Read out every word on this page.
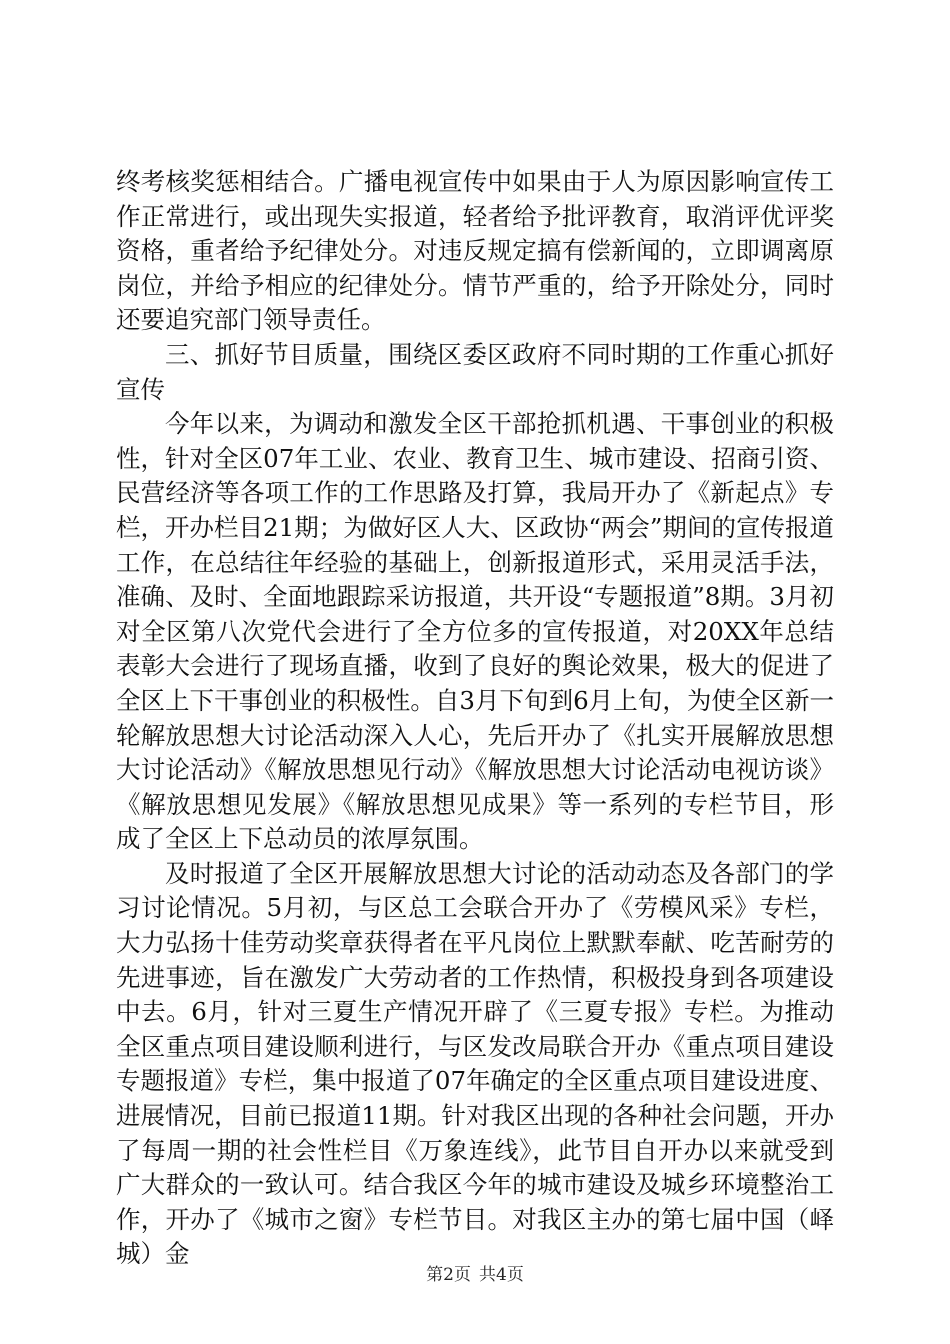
终考核奖惩相结合。广播电视宣传中如果由于人为原因影响宣传工作正常进行，或出现失实报道，轻者给予批评教育，取消评优评奖资格，重者给予纪律处分。对违反规定搞有偿新闻的，立即调离原岗位，并给予相应的纪律处分。情节严重的，给予开除处分，同时还要追究部门领导责任。

三、抓好节目质量，围绕区委区政府不同时期的工作重心抓好宣传

今年以来，为调动和激发全区干部抢抓机遇、干事创业的积极性，针对全区07年工业、农业、教育卫生、城市建设、招商引资、民营经济等各项工作的工作思路及打算，我局开办了《新起点》专栏，开办栏目21期；为做好区人大、区政协“两会”期间的宣传报道工作，在总结往年经验的基础上，创新报道形式，采用灵活手法，准确、及时、全面地跟踪采访报道，共开设“专题报道”8期。3月初对全区第八次党代会进行了全方位多的宣传报道，对20XX年总结表彰大会进行了现场直播，收到了良好的舆论效果，极大的促进了全区上下干事创业的积极性。自3月下旬到6月上旬，为使全区新一轮解放思想大讨论活动深入人心，先后开办了《扎实开展解放思想大讨论活动》《解放思想见行动》《解放思想大讨论活动电视访谈》《解放思想见发展》《解放思想见成果》等一系列的专栏节目，形成了全区上下总动员的浓厚氛围。

及时报道了全区开展解放思想大讨论的活动动态及各部门的学习讨论情况。5月初，与区总工会联合开办了《劳模风采》专栏，大力弘扬十佳劳动奖章获得者在平凡岗位上默默奉献、吃苦耐劳的先进事迹，旨在激发广大劳动者的工作热情，积极投身到各项建设中去。6月，针对三夏生产情况开辟了《三夏专报》专栏。为推动全区重点项目建设顺利进行，与区发改局联合开办《重点项目建设专题报道》专栏，集中报道了07年确定的全区重点项目建设进度、进展情况，目前已报道11期。针对我区出现的各种社会问题，开办了每周一期的社会性栏目《万象连线》，此节目自开办以来就受到广大群众的一致认可。结合我区今年的城市建设及城乡环境整治工作，开办了《城市之窗》专栏节目。对我区主办的第七届中国（峄城）金

第2页 共4页
